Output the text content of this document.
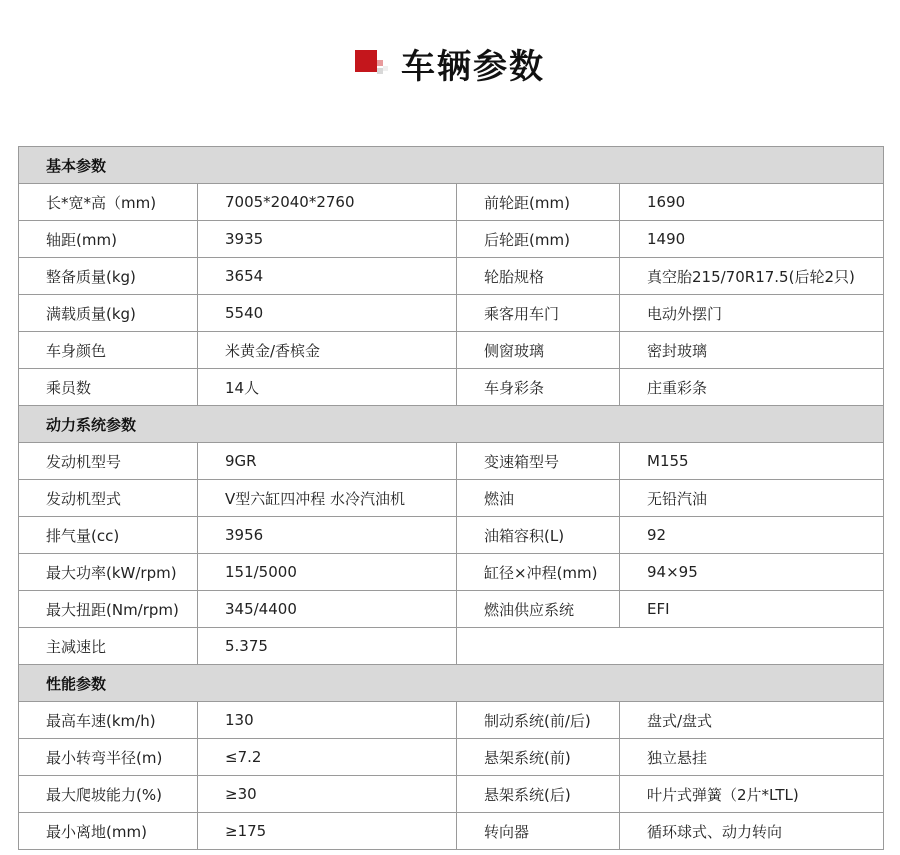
车辆参数
基本参数			
长*宽*高（mm)	7005*2040*2760	前轮距(mm)	1690
轴距(mm)	3935	后轮距(mm)	1490
整备质量(kg)	3654	轮胎规格	真空胎215/70R17.5(后轮2只)
满载质量(kg)	5540	乘客用车门	电动外摆门
车身颜色	米黄金/香槟金	侧窗玻璃	密封玻璃
乘员数	14人	车身彩条	庄重彩条
动力系统参数			
发动机型号	9GR	变速箱型号	M155
发动机型式	V型六缸四冲程 水冷汽油机	燃油	无铅汽油
排气量(cc)	3956	油箱容积(L)	92
最大功率(kW/rpm)	151/5000	缸径×冲程(mm)	94×95
最大扭距(Nm/rpm)	345/4400	燃油供应系统	EFI
主减速比	5.375		
性能参数			
最高车速(km/h)	130	制动系统(前/后)	盘式/盘式
最小转弯半径(m)	≤7.2	悬架系统(前)	独立悬挂
最大爬坡能力(%)	≥30	悬架系统(后)	叶片式弹簧（2片*LTL)
最小离地(mm)	≥175	转向器	循环球式、动力转向
